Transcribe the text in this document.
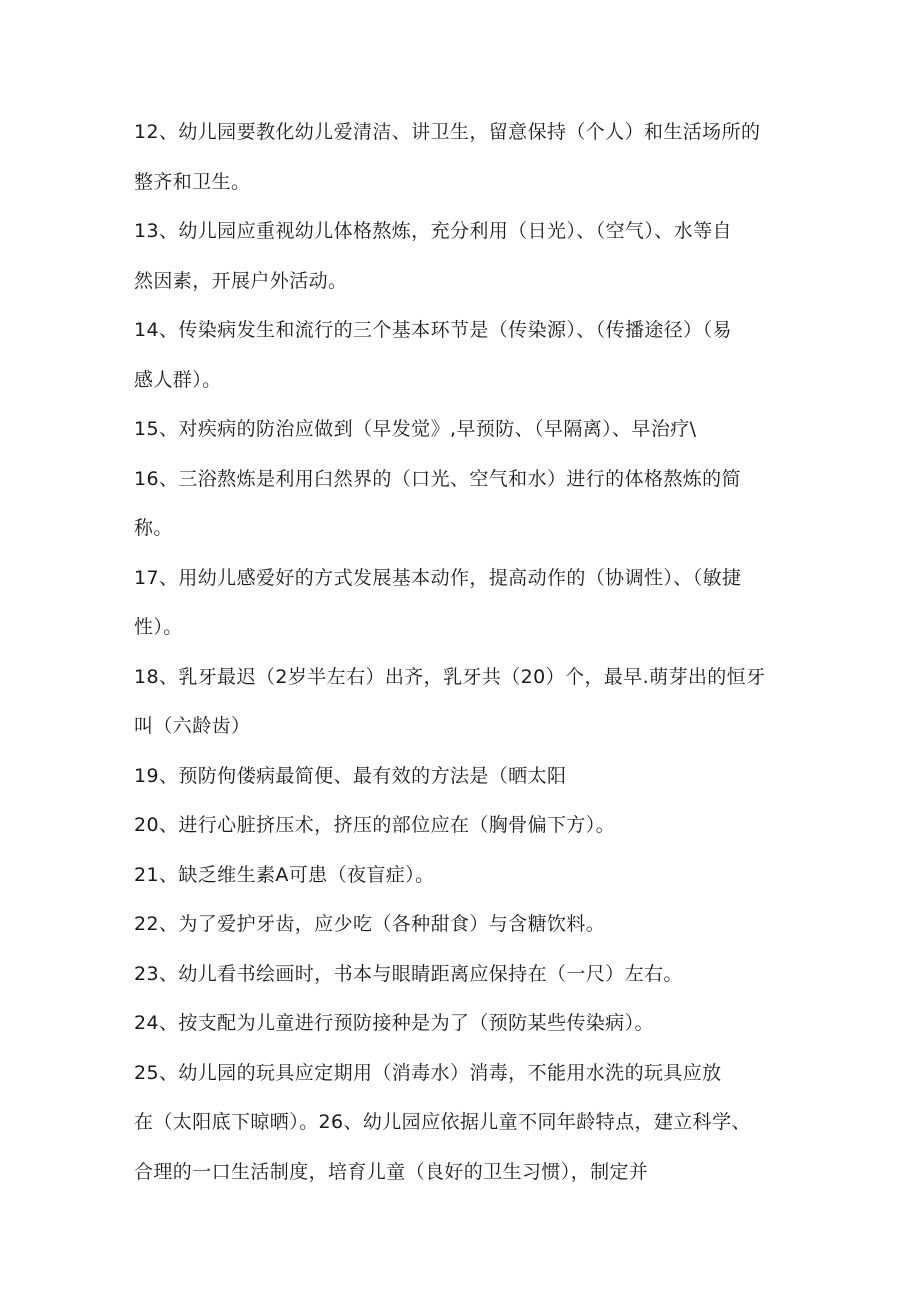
12、幼儿园要教化幼儿爱清洁、讲卫生，留意保持（个人）和生活场所的
整齐和卫生。
13、幼儿园应重视幼儿体格熬炼，充分利用（日光）、（空气）、水等自
然因素，开展户外活动。
14、传染病发生和流行的三个基本环节是（传染源）、（传播途径）（易
感人群）。
15、对疾病的防治应做到（早发觉》,早预防、（早隔离）、早治疗\
16、三浴熬炼是利用臼然界的（口光、空气和水）进行的体格熬炼的简
称。
17、用幼儿感爱好的方式发展基本动作，提高动作的（协调性）、（敏捷
性）。
18、乳牙最迟（2岁半左右）出齐，乳牙共（20）个，最早.萌芽出的恒牙
叫（六龄齿）
19、预防佝偻病最简便、最有效的方法是（晒太阳
20、进行心脏挤压术，挤压的部位应在（胸骨偏下方）。
21、缺乏维生素A可患（夜盲症）。
22、为了爱护牙齿，应少吃（各种甜食）与含糖饮料。
23、幼儿看书绘画时，书本与眼睛距离应保持在（一尺）左右。
24、按支配为儿童进行预防接种是为了（预防某些传染病）。
25、幼儿园的玩具应定期用（消毒水）消毒，不能用水洗的玩具应放
在（太阳底下晾晒）。26、幼儿园应依据儿童不同年龄特点，建立科学、
合理的一口生活制度，培育儿童（良好的卫生习惯），制定并
